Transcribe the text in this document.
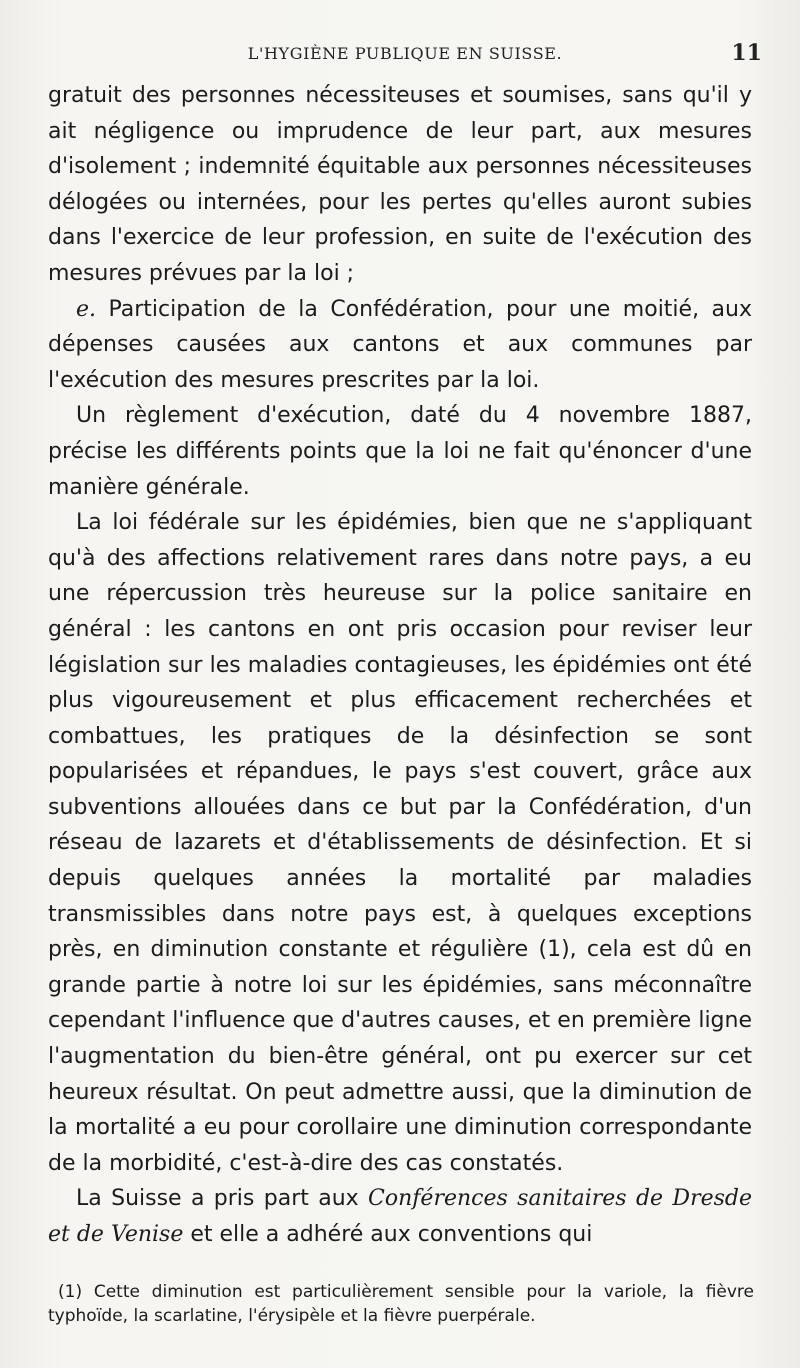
L'HYGIÈNE PUBLIQUE EN SUISSE.	11

gratuit des personnes nécessiteuses et soumises, sans qu'il y ait négligence ou imprudence de leur part, aux mesures d'isolement ; indemnité équitable aux personnes nécessiteuses délogées ou internées, pour les pertes qu'elles auront subies dans l'exercice de leur profession, en suite de l'exécution des mesures prévues par la loi ;

e. Participation de la Confédération, pour une moitié, aux dépenses causées aux cantons et aux communes par l'exécution des mesures prescrites par la loi.

Un règlement d'exécution, daté du 4 novembre 1887, précise les différents points que la loi ne fait qu'énoncer d'une manière générale.

La loi fédérale sur les épidémies, bien que ne s'appliquant qu'à des affections relativement rares dans notre pays, a eu une répercussion très heureuse sur la police sanitaire en général : les cantons en ont pris occasion pour reviser leur législation sur les maladies contagieuses, les épidémies ont été plus vigoureusement et plus efficacement recherchées et combattues, les pratiques de la désinfection se sont popularisées et répandues, le pays s'est couvert, grâce aux subventions allouées dans ce but par la Confédération, d'un réseau de lazarets et d'établissements de désinfection. Et si depuis quelques années la mortalité par maladies transmissibles dans notre pays est, à quelques exceptions près, en diminution constante et régulière (1), cela est dû en grande partie à notre loi sur les épidémies, sans méconnaître cependant l'influence que d'autres causes, et en première ligne l'augmentation du bien-être général, ont pu exercer sur cet heureux résultat. On peut admettre aussi, que la diminution de la mortalité a eu pour corollaire une diminution correspondante de la morbidité, c'est-à-dire des cas constatés.

La Suisse a pris part aux Conférences sanitaires de Dresde et de Venise et elle a adhéré aux conventions qui

(1) Cette diminution est particulièrement sensible pour la variole, la fièvre typhoïde, la scarlatine, l'érysipèle et la fièvre puerpérale.
